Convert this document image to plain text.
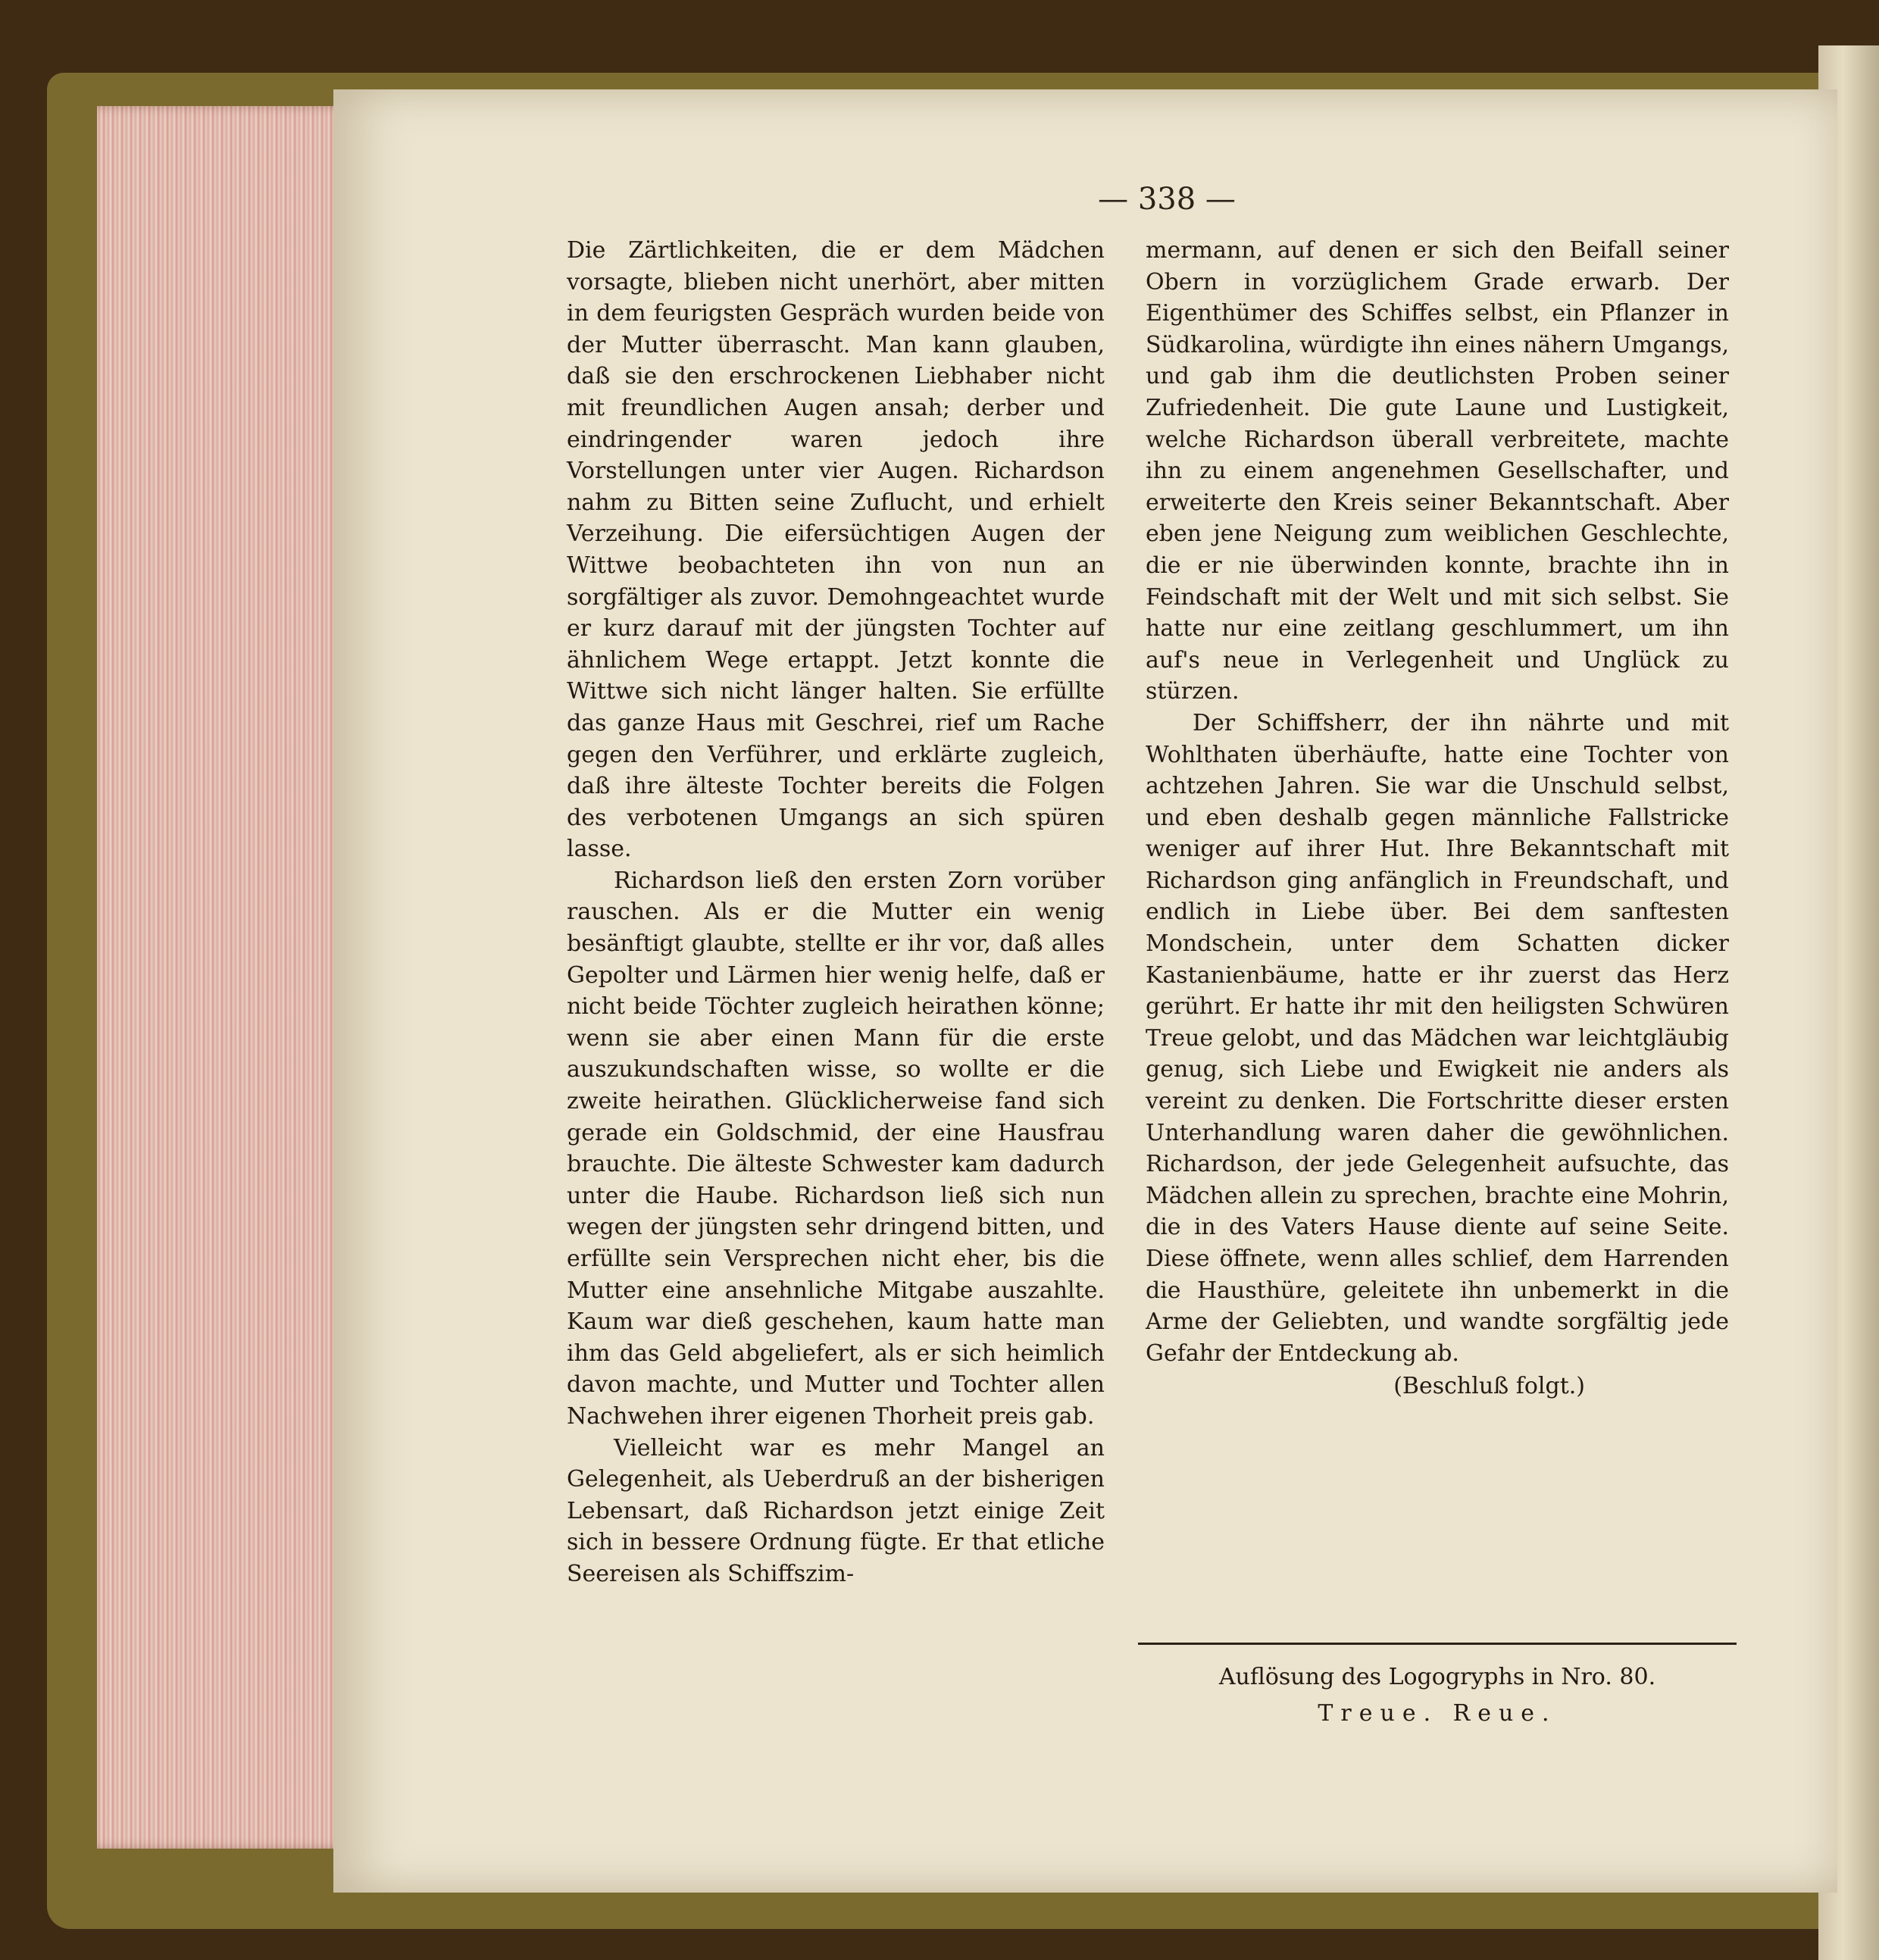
— 338 —

Die Zärtlichkeiten, die er dem Mädchen vorsagte, blieben nicht unerhört, aber mitten in dem feurigsten Gespräch wurden beide von der Mutter überrascht. Man kann glauben, daß sie den erschrockenen Liebhaber nicht mit freundlichen Augen ansah; derber und eindringender waren jedoch ihre Vorstellungen unter vier Augen. Richardson nahm zu Bitten seine Zuflucht, und erhielt Verzeihung. Die eifersüchtigen Augen der Wittwe beobachteten ihn von nun an sorgfältiger als zuvor. Demohngeachtet wurde er kurz darauf mit der jüngsten Tochter auf ähnlichem Wege ertappt. Jetzt konnte die Wittwe sich nicht länger halten. Sie erfüllte das ganze Haus mit Geschrei, rief um Rache gegen den Verführer, und erklärte zugleich, daß ihre älteste Tochter bereits die Folgen des verbotenen Umgangs an sich spüren lasse.

Richardson ließ den ersten Zorn vorüber rauschen. Als er die Mutter ein wenig besänftigt glaubte, stellte er ihr vor, daß alles Gepolter und Lärmen hier wenig helfe, daß er nicht beide Töchter zugleich heirathen könne; wenn sie aber einen Mann für die erste auszukundschaften wisse, so wollte er die zweite heirathen. Glücklicherweise fand sich gerade ein Goldschmid, der eine Hausfrau brauchte. Die älteste Schwester kam dadurch unter die Haube. Richardson ließ sich nun wegen der jüngsten sehr dringend bitten, und erfüllte sein Versprechen nicht eher, bis die Mutter eine ansehnliche Mitgabe auszahlte. Kaum war dieß geschehen, kaum hatte man ihm das Geld abgeliefert, als er sich heimlich davon machte, und Mutter und Tochter allen Nachwehen ihrer eigenen Thorheit preis gab.

Vielleicht war es mehr Mangel an Gelegenheit, als Ueberdruß an der bisherigen Lebensart, daß Richardson jetzt einige Zeit sich in bessere Ordnung fügte. Er that etliche Seereisen als Schiffszim-

mermann, auf denen er sich den Beifall seiner Obern in vorzüglichem Grade erwarb. Der Eigenthümer des Schiffes selbst, ein Pflanzer in Südkarolina, würdigte ihn eines nähern Umgangs, und gab ihm die deutlichsten Proben seiner Zufriedenheit. Die gute Laune und Lustigkeit, welche Richardson überall verbreitete, machte ihn zu einem angenehmen Gesellschafter, und erweiterte den Kreis seiner Bekanntschaft. Aber eben jene Neigung zum weiblichen Geschlechte, die er nie überwinden konnte, brachte ihn in Feindschaft mit der Welt und mit sich selbst. Sie hatte nur eine zeitlang geschlummert, um ihn auf's neue in Verlegenheit und Unglück zu stürzen.

Der Schiffsherr, der ihn nährte und mit Wohlthaten überhäufte, hatte eine Tochter von achtzehen Jahren. Sie war die Unschuld selbst, und eben deshalb gegen männliche Fallstricke weniger auf ihrer Hut. Ihre Bekanntschaft mit Richardson ging anfänglich in Freundschaft, und endlich in Liebe über. Bei dem sanftesten Mondschein, unter dem Schatten dicker Kastanienbäume, hatte er ihr zuerst das Herz gerührt. Er hatte ihr mit den heiligsten Schwüren Treue gelobt, und das Mädchen war leichtgläubig genug, sich Liebe und Ewigkeit nie anders als vereint zu denken. Die Fortschritte dieser ersten Unterhandlung waren daher die gewöhnlichen. Richardson, der jede Gelegenheit aufsuchte, das Mädchen allein zu sprechen, brachte eine Mohrin, die in des Vaters Hause diente auf seine Seite. Diese öffnete, wenn alles schlief, dem Harrenden die Hausthüre, geleitete ihn unbemerkt in die Arme der Geliebten, und wandte sorgfältig jede Gefahr der Entdeckung ab.

(Beschluß folgt.)

Auflösung des Logogryphs in Nro. 80.
Treue. Reue.
